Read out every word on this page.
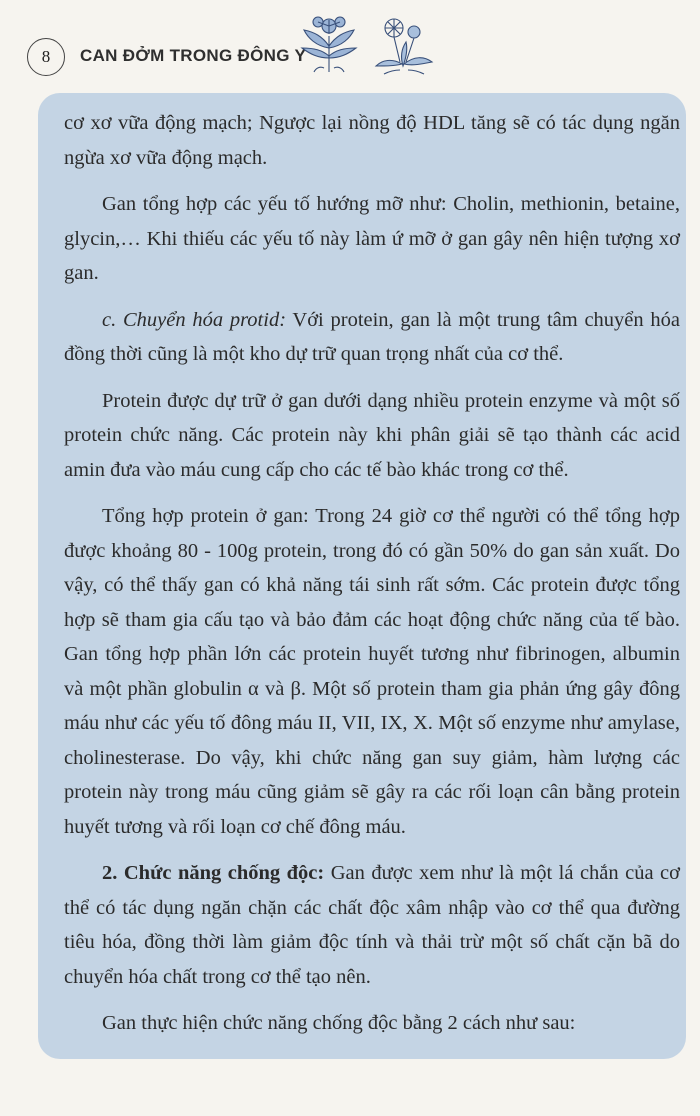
8	CAN ĐỞM TRONG ĐÔNG Y

cơ xơ vữa động mạch; Ngược lại nồng độ HDL tăng sẽ có tác dụng ngăn ngừa xơ vữa động mạch.

Gan tổng hợp các yếu tố hướng mỡ như: Cholin, methionin, betaine, glycin,… Khi thiếu các yếu tố này làm ứ mỡ ở gan gây nên hiện tượng xơ gan.

c. Chuyển hóa protid: Với protein, gan là một trung tâm chuyển hóa đồng thời cũng là một kho dự trữ quan trọng nhất của cơ thể.

Protein được dự trữ ở gan dưới dạng nhiều protein enzyme và một số protein chức năng. Các protein này khi phân giải sẽ tạo thành các acid amin đưa vào máu cung cấp cho các tế bào khác trong cơ thể.

Tổng hợp protein ở gan: Trong 24 giờ cơ thể người có thể tổng hợp được khoảng 80 - 100g protein, trong đó có gần 50% do gan sản xuất. Do vậy, có thể thấy gan có khả năng tái sinh rất sớm. Các protein được tổng hợp sẽ tham gia cấu tạo và bảo đảm các hoạt động chức năng của tế bào. Gan tổng hợp phần lớn các protein huyết tương như fibrinogen, albumin và một phần globulin α và β. Một số protein tham gia phản ứng gây đông máu như các yếu tố đông máu II, VII, IX, X. Một số enzyme như amylase, cholinesterase. Do vậy, khi chức năng gan suy giảm, hàm lượng các protein này trong máu cũng giảm sẽ gây ra các rối loạn cân bằng protein huyết tương và rối loạn cơ chế đông máu.

2. Chức năng chống độc: Gan được xem như là một lá chắn của cơ thể có tác dụng ngăn chặn các chất độc xâm nhập vào cơ thể qua đường tiêu hóa, đồng thời làm giảm độc tính và thải trừ một số chất cặn bã do chuyển hóa chất trong cơ thể tạo nên.

Gan thực hiện chức năng chống độc bằng 2 cách như sau:
